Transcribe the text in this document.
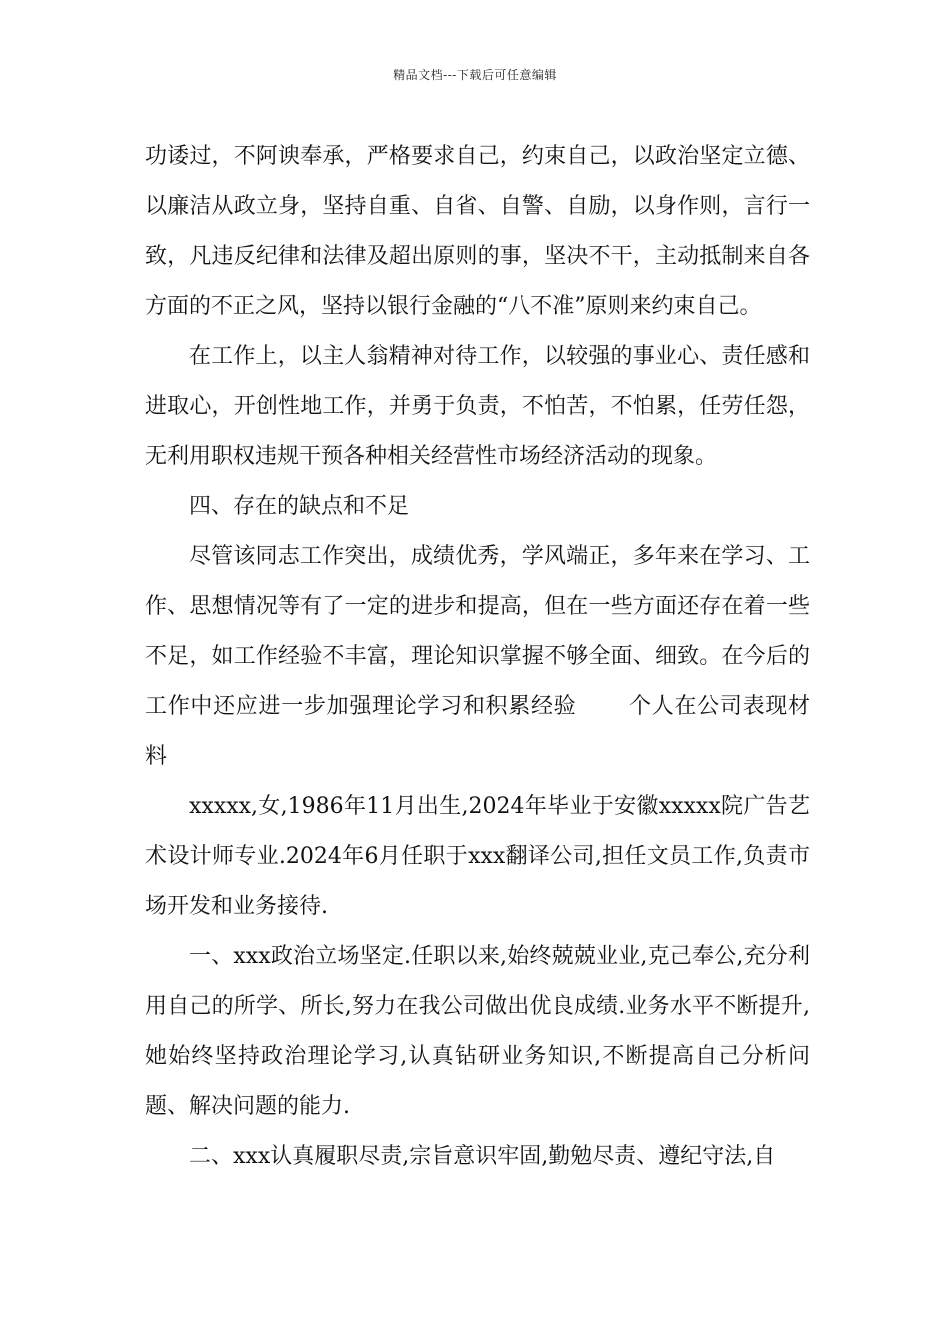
精品文档---下载后可任意编辑

功诿过，不阿谀奉承，严格要求自己，约束自己，以政治坚定立德、以廉洁从政立身，坚持自重、自省、自警、自励，以身作则，言行一致，凡违反纪律和法律及超出原则的事，坚决不干，主动抵制来自各方面的不正之风，坚持以银行金融的“八不准”原则来约束自己。

在工作上，以主人翁精神对待工作，以较强的事业心、责任感和进取心，开创性地工作，并勇于负责，不怕苦，不怕累，任劳任怨，无利用职权违规干预各种相关经营性市场经济活动的现象。

四、存在的缺点和不足

尽管该同志工作突出，成绩优秀，学风端正，多年来在学习、工作、思想情况等有了一定的进步和提高，但在一些方面还存在着一些不足，如工作经验不丰富，理论知识掌握不够全面、细致。在今后的工作中还应进一步加强理论学习和积累经验 个人在公司表现材料

xxxxx,女,1986年11月出生,2024年毕业于安徽xxxxx院广告艺术设计师专业.2024年6月任职于xxx翻译公司,担任文员工作,负责市场开发和业务接待.

一、xxx政治立场坚定.任职以来,始终兢兢业业,克己奉公,充分利用自己的所学、所长,努力在我公司做出优良成绩.业务水平不断提升,她始终坚持政治理论学习,认真钻研业务知识,不断提高自己分析问题、解决问题的能力.

二、xxx认真履职尽责,宗旨意识牢固,勤勉尽责、遵纪守法,自
